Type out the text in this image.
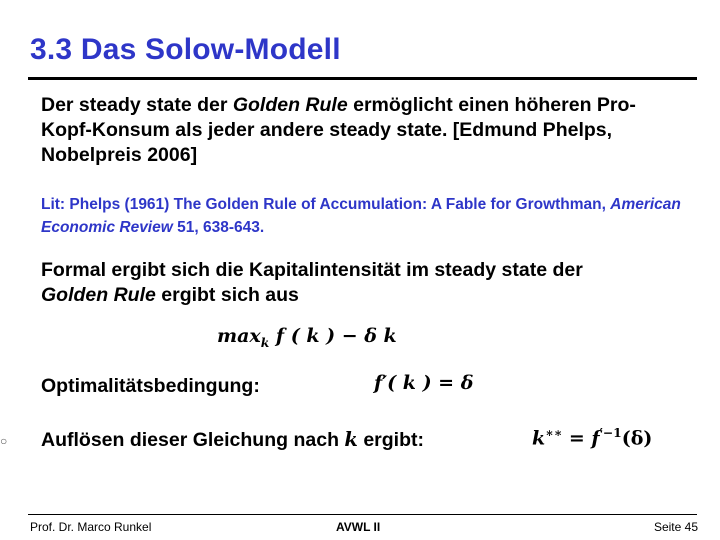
3.3 Das Solow-Modell
Der steady state der Golden Rule ermöglicht einen höheren Pro-Kopf-Konsum als jeder andere steady state. [Edmund Phelps, Nobelpreis 2006]
Lit: Phelps (1961) The Golden Rule of Accumulation: A Fable for Growthman, American Economic Review 51, 638-643.
Formal ergibt sich die Kapitalintensität im steady state der Golden Rule ergibt sich aus
$\max_k f$ ( k ) − δ k
Optimalitätsbedingung:	f′( k ) = δ
○ Auflösen dieser Gleichung nach k ergibt:	$k^{∗∗} = f^{'-1}(\delta)$
Prof. Dr. Marco Runkel	AVWL II	Seite 45
